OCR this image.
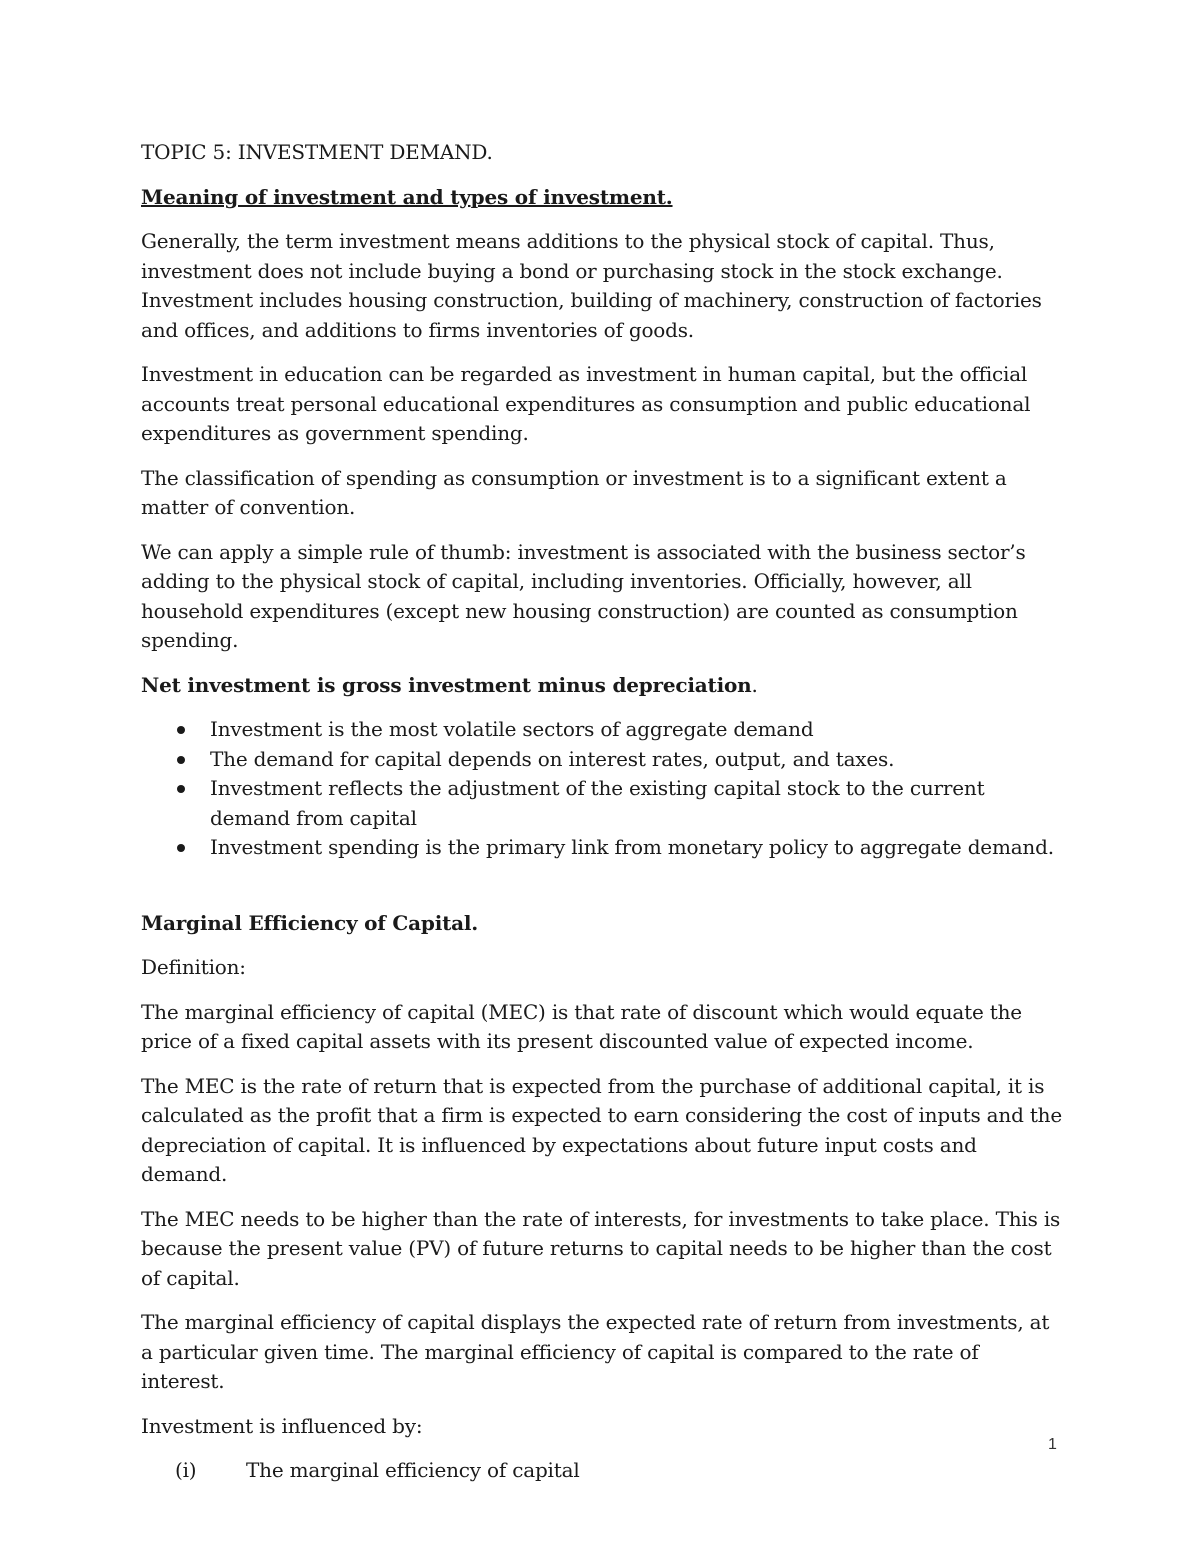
TOPIC 5: INVESTMENT DEMAND.

Meaning of investment and types of investment.

Generally, the term investment means additions to the physical stock of capital. Thus, investment does not include buying a bond or purchasing stock in the stock exchange. Investment includes housing construction, building of machinery, construction of factories and offices, and additions to firms inventories of goods.

Investment in education can be regarded as investment in human capital, but the official accounts treat personal educational expenditures as consumption and public educational expenditures as government spending.

The classification of spending as consumption or investment is to a significant extent a matter of convention.

We can apply a simple rule of thumb: investment is associated with the business sector’s adding to the physical stock of capital, including inventories. Officially, however, all household expenditures (except new housing construction) are counted as consumption spending.

Net investment is gross investment minus depreciation.

Investment is the most volatile sectors of aggregate demand
The demand for capital depends on interest rates, output, and taxes.
Investment reflects the adjustment of the existing capital stock to the current demand from capital
Investment spending is the primary link from monetary policy to aggregate demand.

Marginal Efficiency of Capital.

Definition:

The marginal efficiency of capital (MEC) is that rate of discount which would equate the price of a fixed capital assets with its present discounted value of expected income.

The MEC is the rate of return that is expected from the purchase of additional capital, it is calculated as the profit that a firm is expected to earn considering the cost of inputs and the depreciation of capital. It is influenced by expectations about future input costs and demand.

The MEC needs to be higher than the rate of interests, for investments to take place. This is because the present value (PV) of future returns to capital needs to be higher than the cost of capital.

The marginal efficiency of capital displays the expected rate of return from investments, at a particular given time. The marginal efficiency of capital is compared to the rate of interest.

Investment is influenced by:

(i) The marginal efficiency of capital

1
